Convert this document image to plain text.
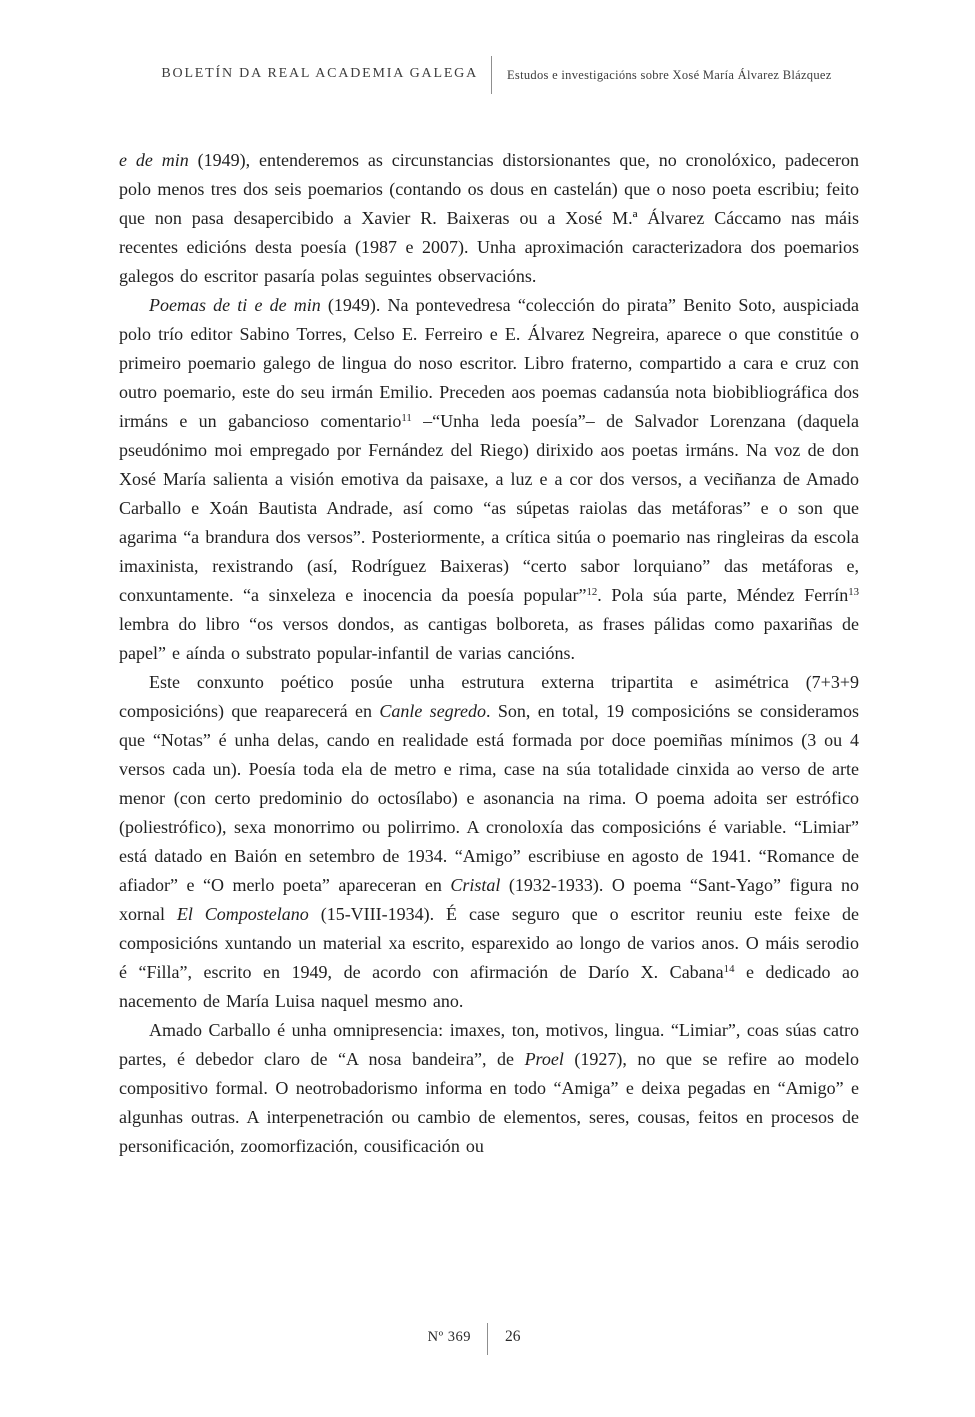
BOLETÍN DA REAL ACADEMIA GALEGA Estudos e investigacións sobre Xosé María Álvarez Blázquez

e de min (1949), entenderemos as circunstancias distorsionantes que, no cronolóxico, padeceron polo menos tres dos seis poemarios (contando os dous en castelán) que o noso poeta escribiu; feito que non pasa desapercibido a Xavier R. Baixeras ou a Xosé M.ª Álvarez Cáccamo nas máis recentes edicións desta poesía (1987 e 2007). Unha aproximación caracterizadora dos poemarios galegos do escritor pasaría polas seguintes observacións.

Poemas de ti e de min (1949). Na pontevedresa “colección do pirata” Benito Soto, auspiciada polo trío editor Sabino Torres, Celso E. Ferreiro e E. Álvarez Negreira, aparece o que constitúe o primeiro poemario galego de lingua do noso escritor. Libro fraterno, compartido a cara e cruz con outro poemario, este do seu irmán Emilio. Preceden aos poemas cadansúa nota biobibliográfica dos irmáns e un gabancioso comentario$^{11}$ –“Unha leda poesía”– de Salvador Lorenzana (daquela pseudónimo moi empregado por Fernández del Riego) dirixido aos poetas irmáns. Na voz de don Xosé María salienta a visión emotiva da paisaxe, a luz e a cor dos versos, a veciñanza de Amado Carballo e Xoán Bautista Andrade, así como “as súpetas raiolas das metáforas” e o son que agarima “a brandura dos versos”. Posteriormente, a crítica sitúa o poemario nas ringleiras da escola imaxinista, rexistrando (así, Rodríguez Baixeras) “certo sabor lorquiano” das metáforas e, conxuntamente. “a sinxeleza e inocencia da poesía popular”$^{12}$. Pola súa parte, Méndez Ferrín$^{13}$ lembra do libro “os versos dondos, as cantigas bolboreta, as frases pálidas como paxariñas de papel” e aínda o substrato popular-infantil de varias cancións.

Este conxunto poético posúe unha estrutura externa tripartita e asimétrica (7+3+9 composicións) que reaparecerá en Canle segredo. Son, en total, 19 composicións se consideramos que “Notas” é unha delas, cando en realidade está formada por doce poemiñas mínimos (3 ou 4 versos cada un). Poesía toda ela de metro e rima, case na súa totalidade cinxida ao verso de arte menor (con certo predominio do octosílabo) e asonancia na rima. O poema adoita ser estrófico (poliestrófico), sexa monorrimo ou polirrimo. A cronoloxía das composicións é variable. “Limiar” está datado en Baión en setembro de 1934. “Amigo” escribiuse en agosto de 1941. “Romance de afiador” e “O merlo poeta” apareceran en Cristal (1932-1933). O poema “Sant-Yago” figura no xornal El Compostelano (15-VIII-1934). É case seguro que o escritor reuniu este feixe de composicións xuntando un material xa escrito, esparexido ao longo de varios anos. O máis serodio é “Filla”, escrito en 1949, de acordo con afirmación de Darío X. Cabana$^{14}$ e dedicado ao nacemento de María Luisa naquel mesmo ano.

Amado Carballo é unha omnipresencia: imaxes, ton, motivos, lingua. “Limiar”, coas súas catro partes, é debedor claro de “A nosa bandeira”, de Proel (1927), no que se refire ao modelo compositivo formal. O neotrobadorismo informa en todo “Amiga” e deixa pegadas en “Amigo” e algunhas outras. A interpenetración ou cambio de elementos, seres, cousas, feitos en procesos de personificación, zoomorfización, cousificación ou

Nº 369 26
